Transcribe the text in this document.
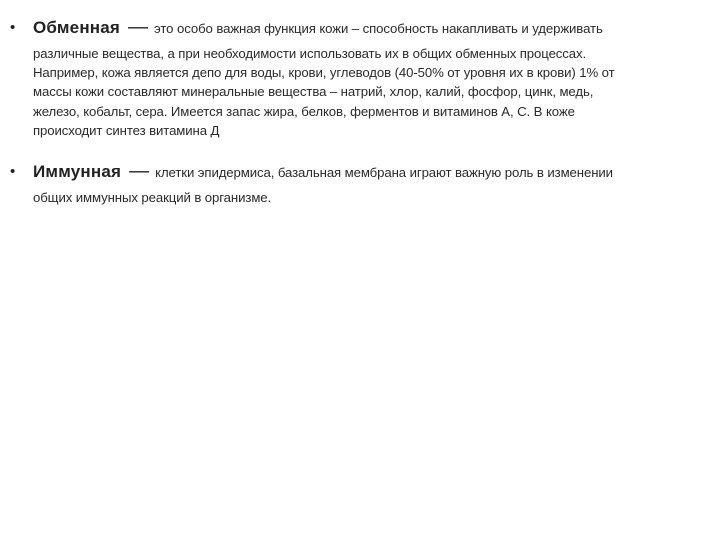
• Обменная — это особо важная функция кожи – способность накапливать и удерживать
различные вещества, а при необходимости использовать их в общих обменных процессах.
Например, кожа является депо для воды, крови, углеводов (40-50% от уровня их в крови) 1% от
массы кожи составляют минеральные вещества – натрий, хлор, калий, фосфор, цинк, медь,
железо, кобальт, сера. Имеется запас жира, белков, ферментов и витаминов А, С. В коже
происходит синтез витамина Д
• Иммунная — клетки эпидермиса, базальная мембрана играют важную роль в изменении
общих иммунных реакций в организме.
